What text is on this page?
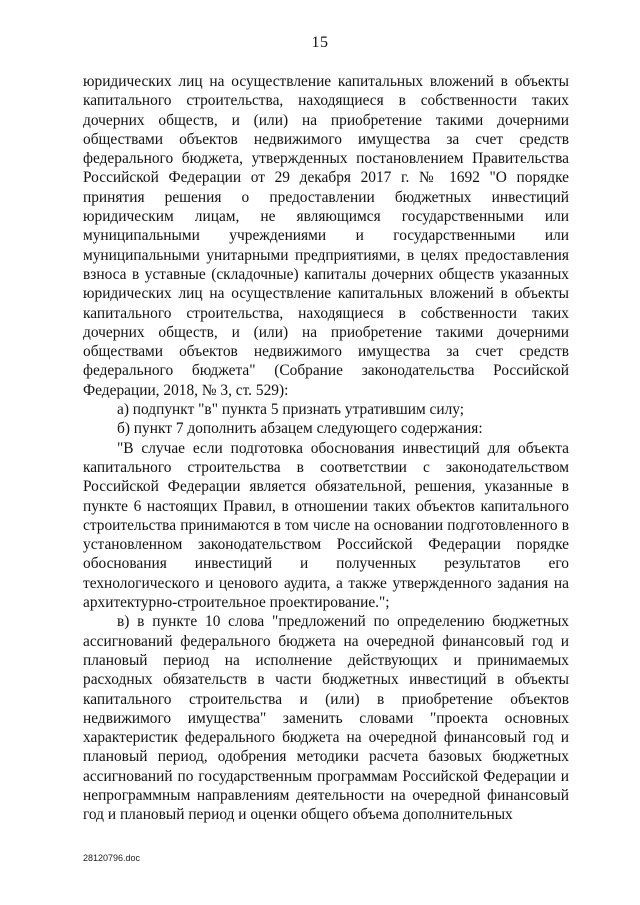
15

юридических лиц на осуществление капитальных вложений в объекты капитального строительства, находящиеся в собственности таких дочерних обществ, и (или) на приобретение такими дочерними обществами объектов недвижимого имущества за счет средств федерального бюджета, утвержденных постановлением Правительства Российской Федерации от 29 декабря 2017 г. № 1692 "О порядке принятия решения о предоставлении бюджетных инвестиций юридическим лицам, не являющимся государственными или муниципальными учреждениями и государственными или муниципальными унитарными предприятиями, в целях предоставления взноса в уставные (складочные) капиталы дочерних обществ указанных юридических лиц на осуществление капитальных вложений в объекты капитального строительства, находящиеся в собственности таких дочерних обществ, и (или) на приобретение такими дочерними обществами объектов недвижимого имущества за счет средств федерального бюджета" (Собрание законодательства Российской Федерации, 2018, № 3, ст. 529):

а) подпункт "в" пункта 5 признать утратившим силу;

б) пункт 7 дополнить абзацем следующего содержания:

"В случае если подготовка обоснования инвестиций для объекта капитального строительства в соответствии с законодательством Российской Федерации является обязательной, решения, указанные в пункте 6 настоящих Правил, в отношении таких объектов капитального строительства принимаются в том числе на основании подготовленного в установленном законодательством Российской Федерации порядке обоснования инвестиций и полученных результатов его технологического и ценового аудита, а также утвержденного задания на архитектурно-строительное проектирование.";

в) в пункте 10 слова "предложений по определению бюджетных ассигнований федерального бюджета на очередной финансовый год и плановый период на исполнение действующих и принимаемых расходных обязательств в части бюджетных инвестиций в объекты капитального строительства и (или) в приобретение объектов недвижимого имущества" заменить словами "проекта основных характеристик федерального бюджета на очередной финансовый год и плановый период, одобрения методики расчета базовых бюджетных ассигнований по государственным программам Российской Федерации и непрограммным направлениям деятельности на очередной финансовый год и плановый период и оценки общего объема дополнительных

28120796.doc
